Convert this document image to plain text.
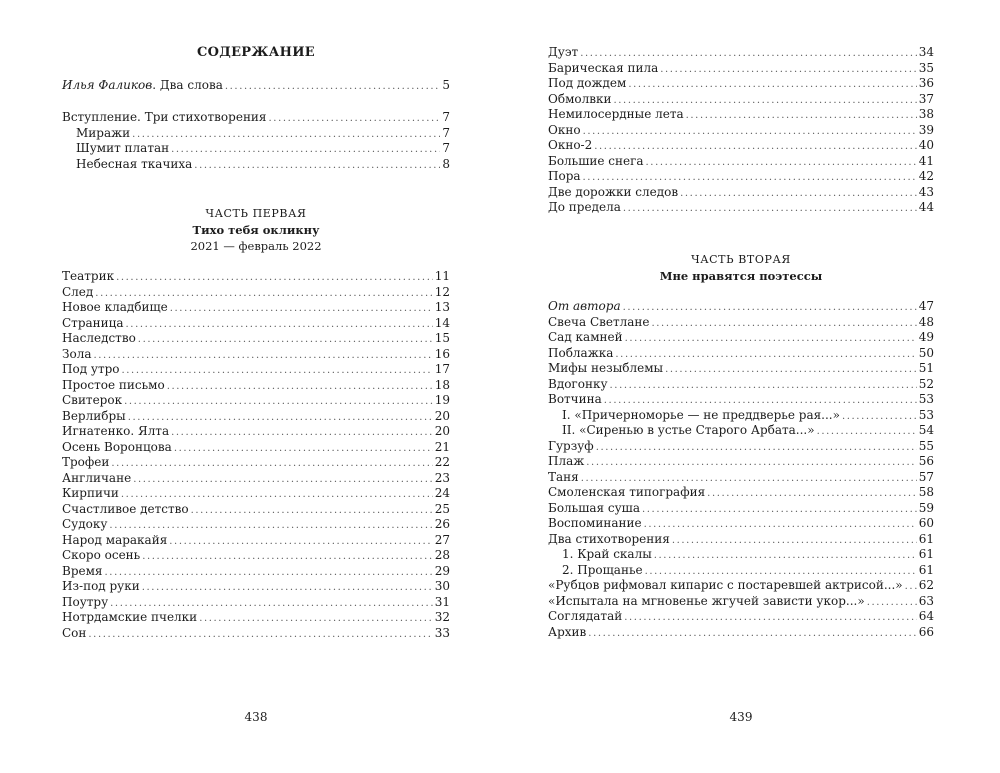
СОДЕРЖАНИЕ
Илья Фаликов. Два слова .....	5
Вступление. Три стихотворения .....	7
Миражи .....	7
Шумит платан .....	7
Небесная ткачиха .....	8
ЧАСТЬ ПЕРВАЯ
Тихо тебя окликну
2021 — февраль 2022
Театрик .....	11
След .....	12
Новое кладбище .....	13
Страница .....	14
Наследство .....	15
Зола .....	16
Под утро .....	17
Простое письмо .....	18
Свитерок .....	19
Верлибры .....	20
Игнатенко. Ялта .....	20
Осень Воронцова .....	21
Трофеи .....	22
Англичане .....	23
Кирпичи .....	24
Счастливое детство .....	25
Судоку .....	26
Народ маракайя .....	27
Скоро осень .....	28
Время .....	29
Из-под руки .....	30
Поутру .....	31
Нотрдамские пчелки .....	32
Сон .....	33
438
Дуэт .....	34
Барическая пила .....	35
Под дождем .....	36
Обмолвки .....	37
Немилосердные лета .....	38
Окно .....	39
Окно-2 .....	40
Большие снега .....	41
Пора .....	42
Две дорожки следов .....	43
До предела .....	44
ЧАСТЬ ВТОРАЯ
Мне нравятся поэтессы
От автора .....	47
Свеча Светлане .....	48
Сад камней .....	49
Поблажка .....	50
Мифы незыблемы .....	51
Вдогонку .....	52
Вотчина .....	53
I. «Причерноморье — не преддверье рая...» .....	53
II. «Сиренью в устье Старого Арбата...» .....	54
Гурзуф .....	55
Плаж .....	56
Таня .....	57
Смоленская типография .....	58
Большая суша .....	59
Воспоминание .....	60
Два стихотворения .....	61
1. Край скалы .....	61
2. Прощанье .....	61
«Рубцов рифмовал кипарис с постаревшей актрисой...» ..... 62
«Испытала на мгновенье жгучей зависти укор...» .....	63
Соглядатай .....	64
Архив .....	66
439
